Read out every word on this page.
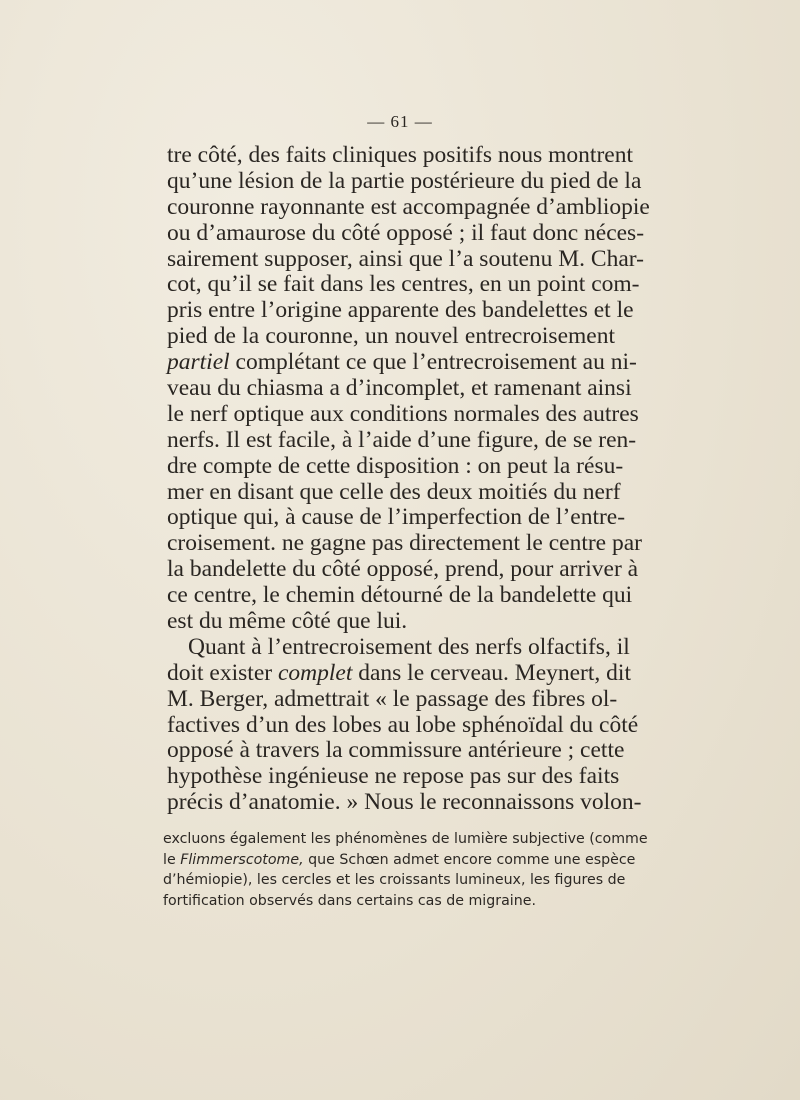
— 61 —
tre côté, des faits cliniques positifs nous montrent
qu’une lésion de la partie postérieure du pied de la
couronne rayonnante est accompagnée d’ambliopie
ou d’amaurose du côté opposé ; il faut donc néces-
sairement supposer, ainsi que l’a soutenu M. Char-
cot, qu’il se fait dans les centres, en un point com-
pris entre l’origine apparente des bandelettes et le
pied de la couronne, un nouvel entrecroisement
partiel complétant ce que l’entrecroisement au ni-
veau du chiasma a d’incomplet, et ramenant ainsi
le nerf optique aux conditions normales des autres
nerfs. Il est facile, à l’aide d’une figure, de se ren-
dre compte de cette disposition : on peut la résu-
mer en disant que celle des deux moitiés du nerf
optique qui, à cause de l’imperfection de l’entre-
croisement. ne gagne pas directement le centre par
la bandelette du côté opposé, prend, pour arriver à
ce centre, le chemin détourné de la bandelette qui
est du même côté que lui.
Quant à l’entrecroisement des nerfs olfactifs, il
doit exister complet dans le cerveau. Meynert, dit
M. Berger, admettrait « le passage des fibres ol-
factives d’un des lobes au lobe sphénoïdal du côté
opposé à travers la commissure antérieure ; cette
hypothèse ingénieuse ne repose pas sur des faits
précis d’anatomie. » Nous le reconnaissons volon-
excluons également les phénomènes de lumière subjective (comme
le Flimmerscotome, que Schœn admet encore comme une espèce
d’hémiopie), les cercles et les croissants lumineux, les figures de
fortification observés dans certains cas de migraine.
